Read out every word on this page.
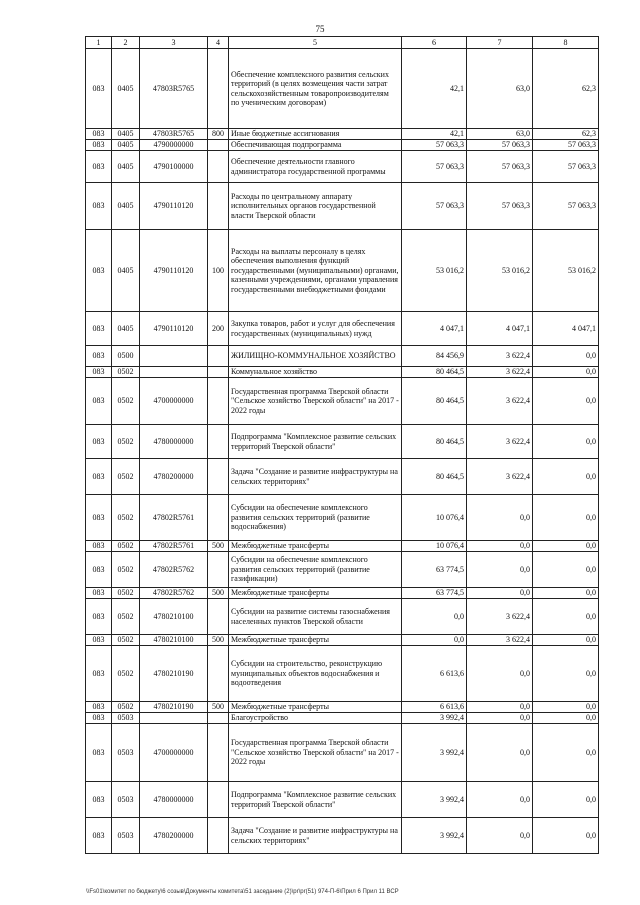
75
1	2	3	4	5	6	7	8
083	0405	47803R5765		Обеспечение комплексного развития сельских территорий (в целях возмещения части затрат сельскохозяйственным товаропроизводителям по ученическим договорам)	42,1	63,0	62,3
083	0405	47803R5765	800	Иные бюджетные ассигнования	42,1	63,0	62,3
083	0405	4790000000		Обеспечивающая подпрограмма	57 063,3	57 063,3	57 063,3
083	0405	4790100000		Обеспечение деятельности главного администратора государственной программы	57 063,3	57 063,3	57 063,3
083	0405	4790110120		Расходы по центральному аппарату исполнительных органов государственной власти Тверской области	57 063,3	57 063,3	57 063,3
083	0405	4790110120	100	Расходы на выплаты персоналу в целях обеспечения выполнения функций государственными (муниципальными) органами, казенными учреждениями, органами управления государственными внебюджетными фондами	53 016,2	53 016,2	53 016,2
083	0405	4790110120	200	Закупка товаров, работ и услуг для обеспечения государственных (муниципальных) нужд	4 047,1	4 047,1	4 047,1
083	0500			ЖИЛИЩНО-КОММУНАЛЬНОЕ ХОЗЯЙСТВО	84 456,9	3 622,4	0,0
083	0502			Коммунальное хозяйство	80 464,5	3 622,4	0,0
083	0502	4700000000		Государственная программа Тверской области "Сельское хозяйство Тверской области" на 2017 - 2022 годы	80 464,5	3 622,4	0,0
083	0502	4780000000		Подпрограмма "Комплексное развитие сельских территорий Тверской области"	80 464,5	3 622,4	0,0
083	0502	4780200000		Задача "Создание и развитие инфраструктуры на сельских территориях"	80 464,5	3 622,4	0,0
083	0502	47802R5761		Субсидии на обеспечение комплексного развития сельских территорий (развитие водоснабжения)	10 076,4	0,0	0,0
083	0502	47802R5761	500	Межбюджетные трансферты	10 076,4	0,0	0,0
083	0502	47802R5762		Субсидии на обеспечение комплексного развития сельских территорий (развитие газификации)	63 774,5	0,0	0,0
083	0502	47802R5762	500	Межбюджетные трансферты	63 774,5	0,0	0,0
083	0502	4780210100		Субсидии на развитие системы газоснабжения населенных пунктов Тверской области	0,0	3 622,4	0,0
083	0502	4780210100	500	Межбюджетные трансферты	0,0	3 622,4	0,0
083	0502	4780210190		Субсидии на строительство, реконструкцию муниципальных объектов водоснабжения и водоотведения	6 613,6	0,0	0,0
083	0502	4780210190	500	Межбюджетные трансферты	6 613,6	0,0	0,0
083	0503			Благоустройство	3 992,4	0,0	0,0
083	0503	4700000000		Государственная программа Тверской области "Сельское хозяйство Тверской области" на 2017 - 2022 годы	3 992,4	0,0	0,0
083	0503	4780000000		Подпрограмма "Комплексное развитие сельских территорий Тверской области"	3 992,4	0,0	0,0
083	0503	4780200000		Задача "Создание и развитие инфраструктуры на сельских территориях"	3 992,4	0,0	0,0
\\Fs01\комитет по бюджету\6 созыв\Документы комитета\51 заседание (2)\pr\pr(51) 974-П-6\Прил 6 Прил 11 ВСР
